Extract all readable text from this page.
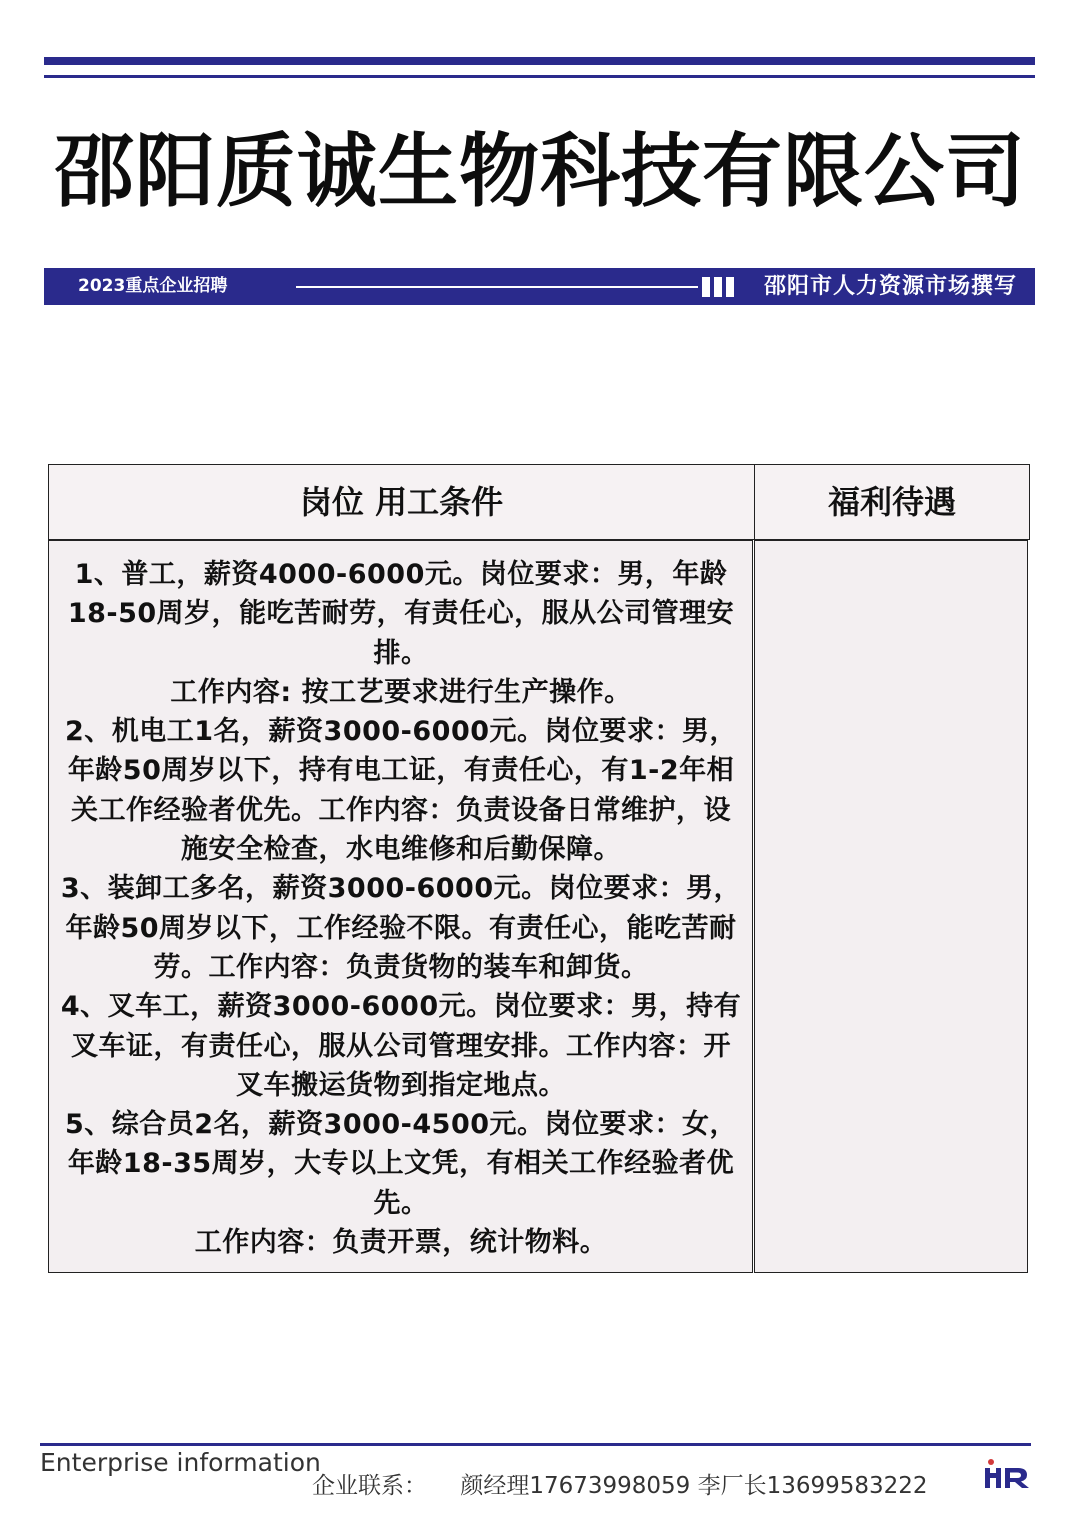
邵阳质诚生物科技有限公司
2023重点企业招聘	邵阳市人力资源市场撰写
岗位 用工条件	福利待遇
1、普工，薪资4000-6000元。岗位要求：男，年龄
18-50周岁，能吃苦耐劳，有责任心，服从公司管理安
排。
工作内容: 按工艺要求进行生产操作。
2、机电工1名，薪资3000-6000元。岗位要求：男，
年龄50周岁以下，持有电工证，有责任心，有1-2年相
关工作经验者优先。工作内容：负责设备日常维护，设
施安全检查，水电维修和后勤保障。
3、装卸工多名，薪资3000-6000元。岗位要求：男，
年龄50周岁以下，工作经验不限。有责任心，能吃苦耐
劳。工作内容：负责货物的装车和卸货。
4、叉车工，薪资3000-6000元。岗位要求：男，持有
叉车证，有责任心，服从公司管理安排。工作内容：开
叉车搬运货物到指定地点。
5、综合员2名，薪资3000-4500元。岗位要求：女，
年龄18-35周岁，大专以上文凭，有相关工作经验者优
先。
工作内容：负责开票，统计物料。
Enterprise information
企业联系： 颜经理17673998059 李厂长13699583222
